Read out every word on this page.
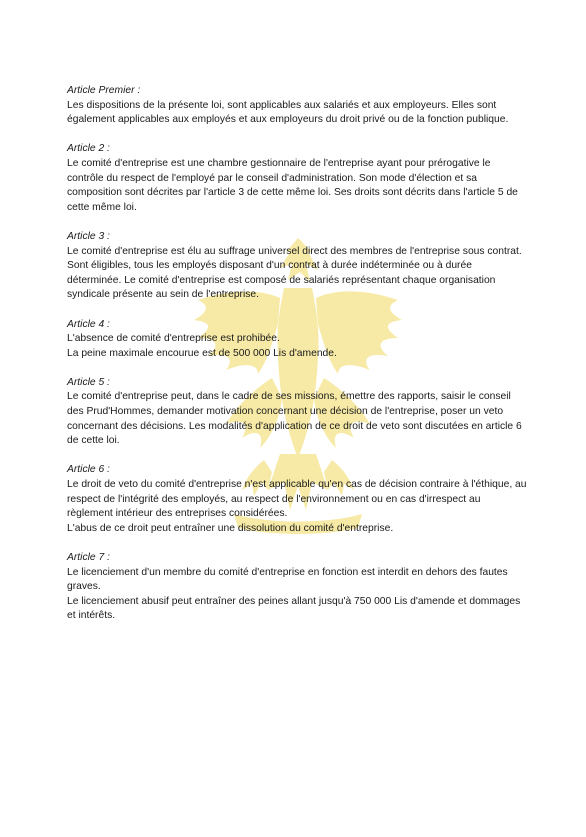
Article Premier :

Les dispositions de la présente loi, sont applicables aux salariés et aux employeurs. Elles sont également applicables aux employés et aux employeurs du droit privé ou de la fonction publique.

Article 2 :

Le comité d'entreprise est une chambre gestionnaire de l'entreprise ayant pour prérogative le contrôle du respect de l'employé par le conseil d'administration. Son mode d'élection et sa composition sont décrites par l'article 3 de cette même loi. Ses droits sont décrits dans l'article 5 de cette même loi.

Article 3 :

Le comité d'entreprise est élu au suffrage universel direct des membres de l'entreprise sous contrat. Sont éligibles, tous les employés disposant d'un contrat à durée indéterminée ou à durée déterminée. Le comité d'entreprise est composé de salariés représentant chaque organisation syndicale présente au sein de l'entreprise.

Article 4 :

L'absence de comité d'entreprise est prohibée.

La peine maximale encourue est de 500 000 Lis d'amende.

Article 5 :

Le comité d'entreprise peut, dans le cadre de ses missions, émettre des rapports, saisir le conseil des Prud'Hommes, demander motivation concernant une décision de l'entreprise, poser un veto concernant des décisions. Les modalités d'application de ce droit de veto sont discutées en article 6 de cette loi.

Article 6 :

Le droit de veto du comité d'entreprise n'est applicable qu'en cas de décision contraire à l'éthique, au respect de l'intégrité des employés, au respect de l'environnement ou en cas d'irrespect au règlement intérieur des entreprises considérées.

L'abus de ce droit peut entraîner une dissolution du comité d'entreprise.

Article 7 :

Le licenciement d'un membre du comité d'entreprise en fonction est interdit en dehors des fautes graves.

Le licenciement abusif peut entraîner des peines allant jusqu'à 750 000 Lis d'amende et dommages et intérêts.
